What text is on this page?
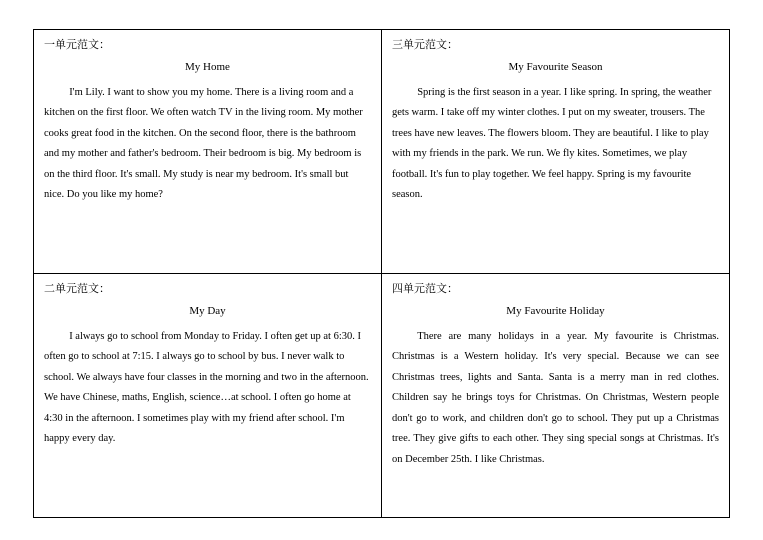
一单元范文：

My Home

I'm Lily. I want to show you my home. There is a living room and a kitchen on the first floor. We often watch TV in the living room. My mother cooks great food in the kitchen. On the second floor, there is the bathroom and my mother and father's bedroom. Their bedroom is big. My bedroom is on the third floor. It's small. My study is near my bedroom. It's small but nice. Do you like my home?

三单元范文：

My Favourite Season

Spring is the first season in a year. I like spring. In spring, the weather gets warm. I take off my winter clothes. I put on my sweater, trousers. The trees have new leaves. The flowers bloom. They are beautiful. I like to play with my friends in the park. We run. We fly kites. Sometimes, we play football. It's fun to play together. We feel happy. Spring is my favourite season.

二单元范文：

My Day

I always go to school from Monday to Friday. I often get up at 6:30. I often go to school at 7:15. I always go to school by bus. I never walk to school. We always have four classes in the morning and two in the afternoon. We have Chinese, maths, English, science…at school. I often go home at 4:30 in the afternoon. I sometimes play with my friend after school. I'm happy every day.

四单元范文：

My Favourite Holiday

There are many holidays in a year. My favourite is Christmas. Christmas is a Western holiday. It's very special. Because we can see Christmas trees, lights and Santa. Santa is a merry man in red clothes. Children say he brings toys for Christmas. On Christmas, Western people don't go to work, and children don't go to school. They put up a Christmas tree. They give gifts to each other. They sing special songs at Christmas. It's on December 25th. I like Christmas.
